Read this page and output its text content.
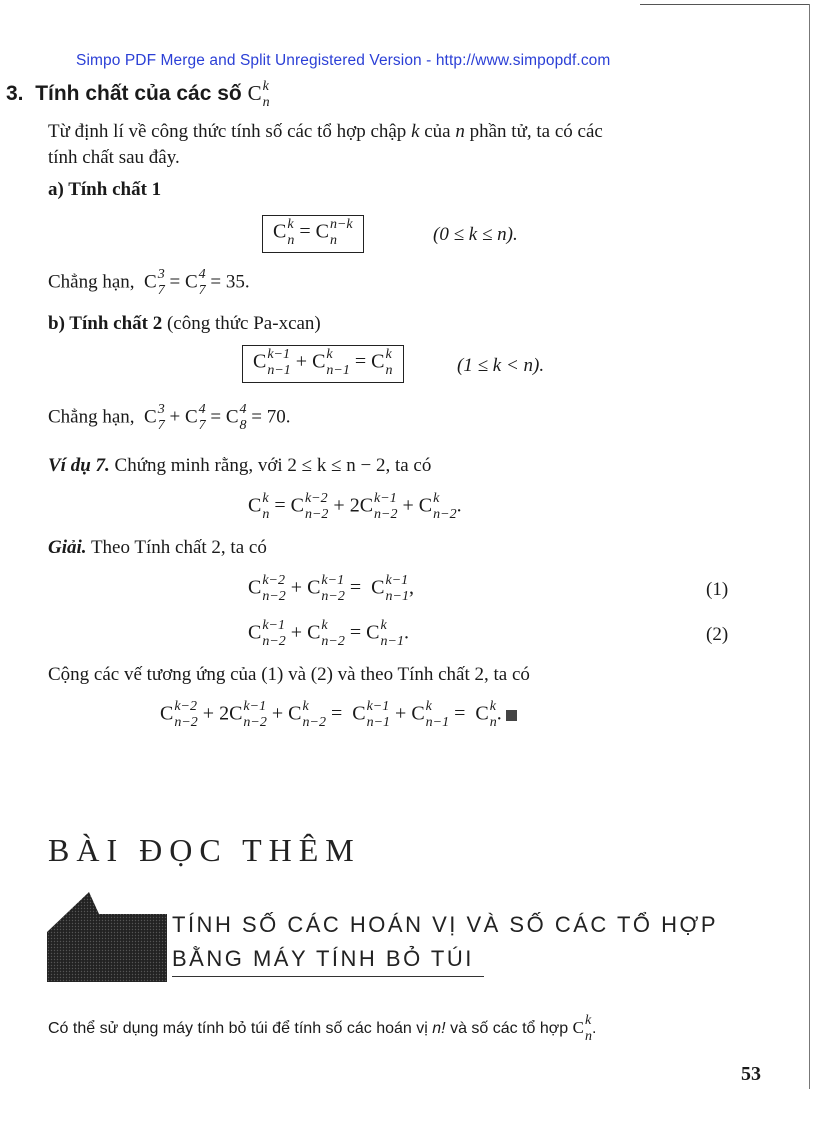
Simpo PDF Merge and Split Unregistered Version - http://www.simpopdf.com
3. Tính chất của các số C k
n
Từ định lí về công thức tính số các tổ hợp chập k của n phần tử, ta có các
tính chất sau đây.
a) Tính chất 1
C k
n = C n−k
n	(0 ≤ k ≤ n).
Chẳng hạn, C 3
7 = C 4
7 = 35.
b) Tính chất 2 (công thức Pa-xcan)
C k−1
n−1 + C k
n−1 = C k
n	(1 ≤ k < n).
Chẳng hạn, C 3
7 + C 4
7 = C 4
8 = 70.
Ví dụ 7. Chứng minh rằng, với 2 ≤ k ≤ n − 2, ta có
C k
n = C k−2
n−2 + 2C k−1
n−2 + C k
n−2 .
Giải. Theo Tính chất 2, ta có
C k−2
n−2 + C k−1
n−2 =  C k−1
n−1 ,	(1)
C k−1
n−2 + C k
n−2 = C k
n−1 .	(2)
Cộng các vế tương ứng của (1) và (2) và theo Tính chất 2, ta có
C k−2
n−2 + 2C k−1
n−2 + C k
n−2 =  C k−1
n−1 + C k
n−1 =  C k
n .
BÀI ĐỌC THÊM
TÍNH SỐ CÁC HOÁN VỊ VÀ SỐ CÁC TỔ HỢP
BẰNG MÁY TÍNH BỎ TÚI
Có thể sử dụng máy tính bỏ túi để tính số các hoán vị n! và số các tổ hợp C k
n .
53
